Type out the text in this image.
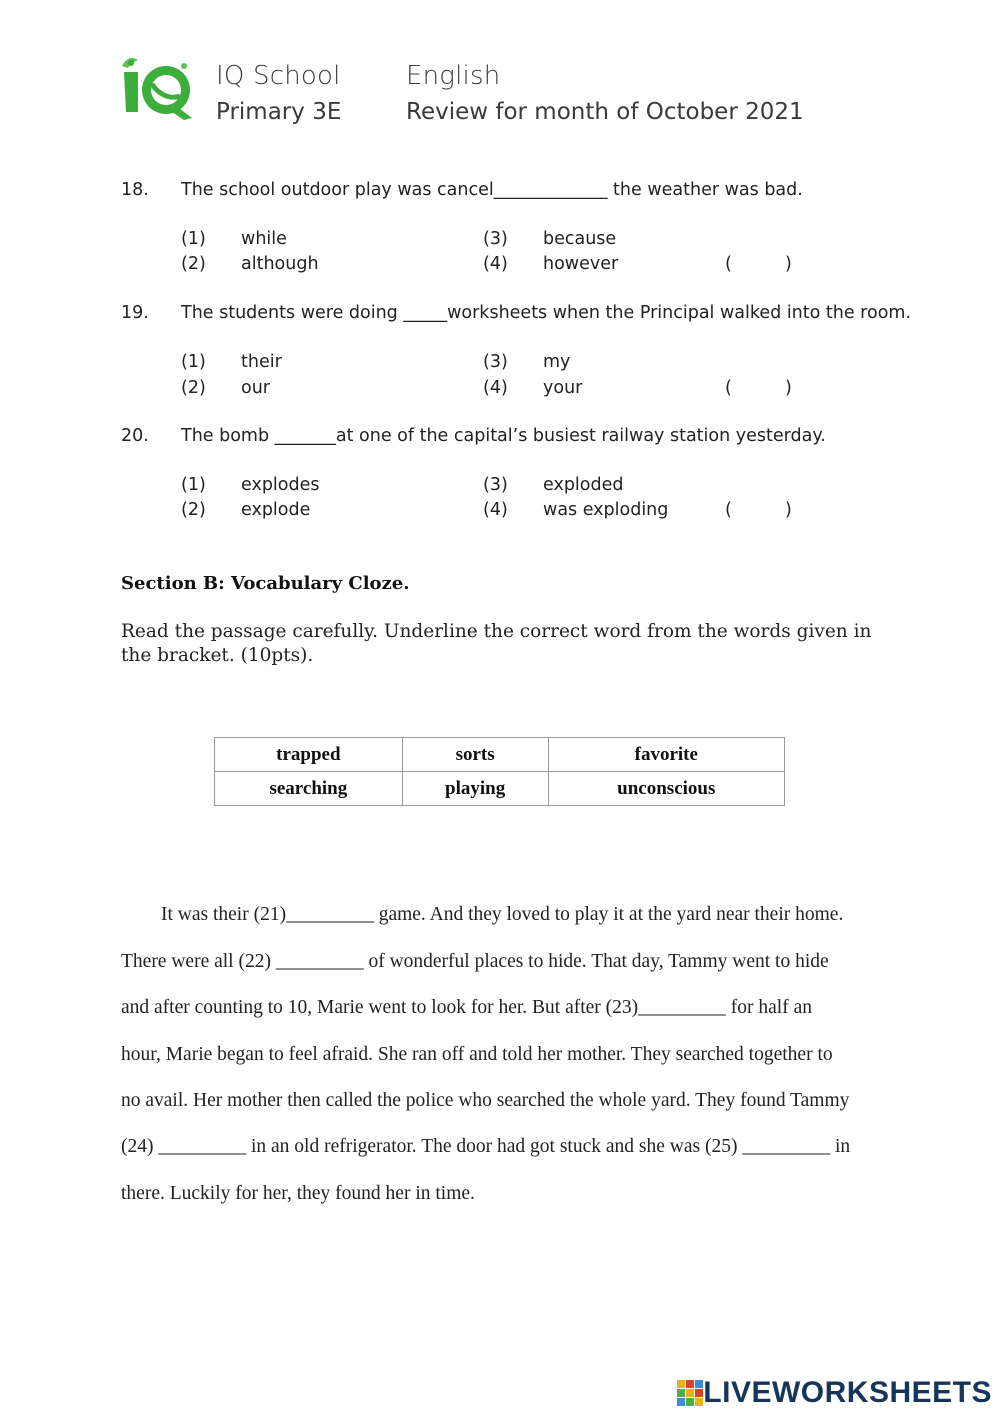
IQ School
Primary 3E
English
Review for month of October 2021
18. The school outdoor play was cancel_____________ the weather was bad.
(1) while
(2) although
(3) because
(4) however	(	)
19. The students were doing _____worksheets when the Principal walked into the room.
(1) their
(2) our
(3) my
(4) your	(	)
20. The bomb _______at one of the capital’s busiest railway station yesterday.
(1) explodes
(2) explode
(3) exploded
(4) was exploding	(	)
Section B: Vocabulary Cloze.
Read the passage carefully. Underline the correct word from the words given in the bracket. (10pts).
trapped	sorts	favorite
searching	playing	unconscious
It was their (21)_________ game. And they loved to play it at the yard near their home.
There were all (22) _________ of wonderful places to hide. That day, Tammy went to hide
and after counting to 10, Marie went to look for her. But after (23)_________ for half an
hour, Marie began to feel afraid. She ran off and told her mother. They searched together to
no avail. Her mother then called the police who searched the whole yard. They found Tammy
(24) _________ in an old refrigerator. The door had got stuck and she was (25) _________ in
there. Luckily for her, they found her in time.
LIVEWORKSHEETS
